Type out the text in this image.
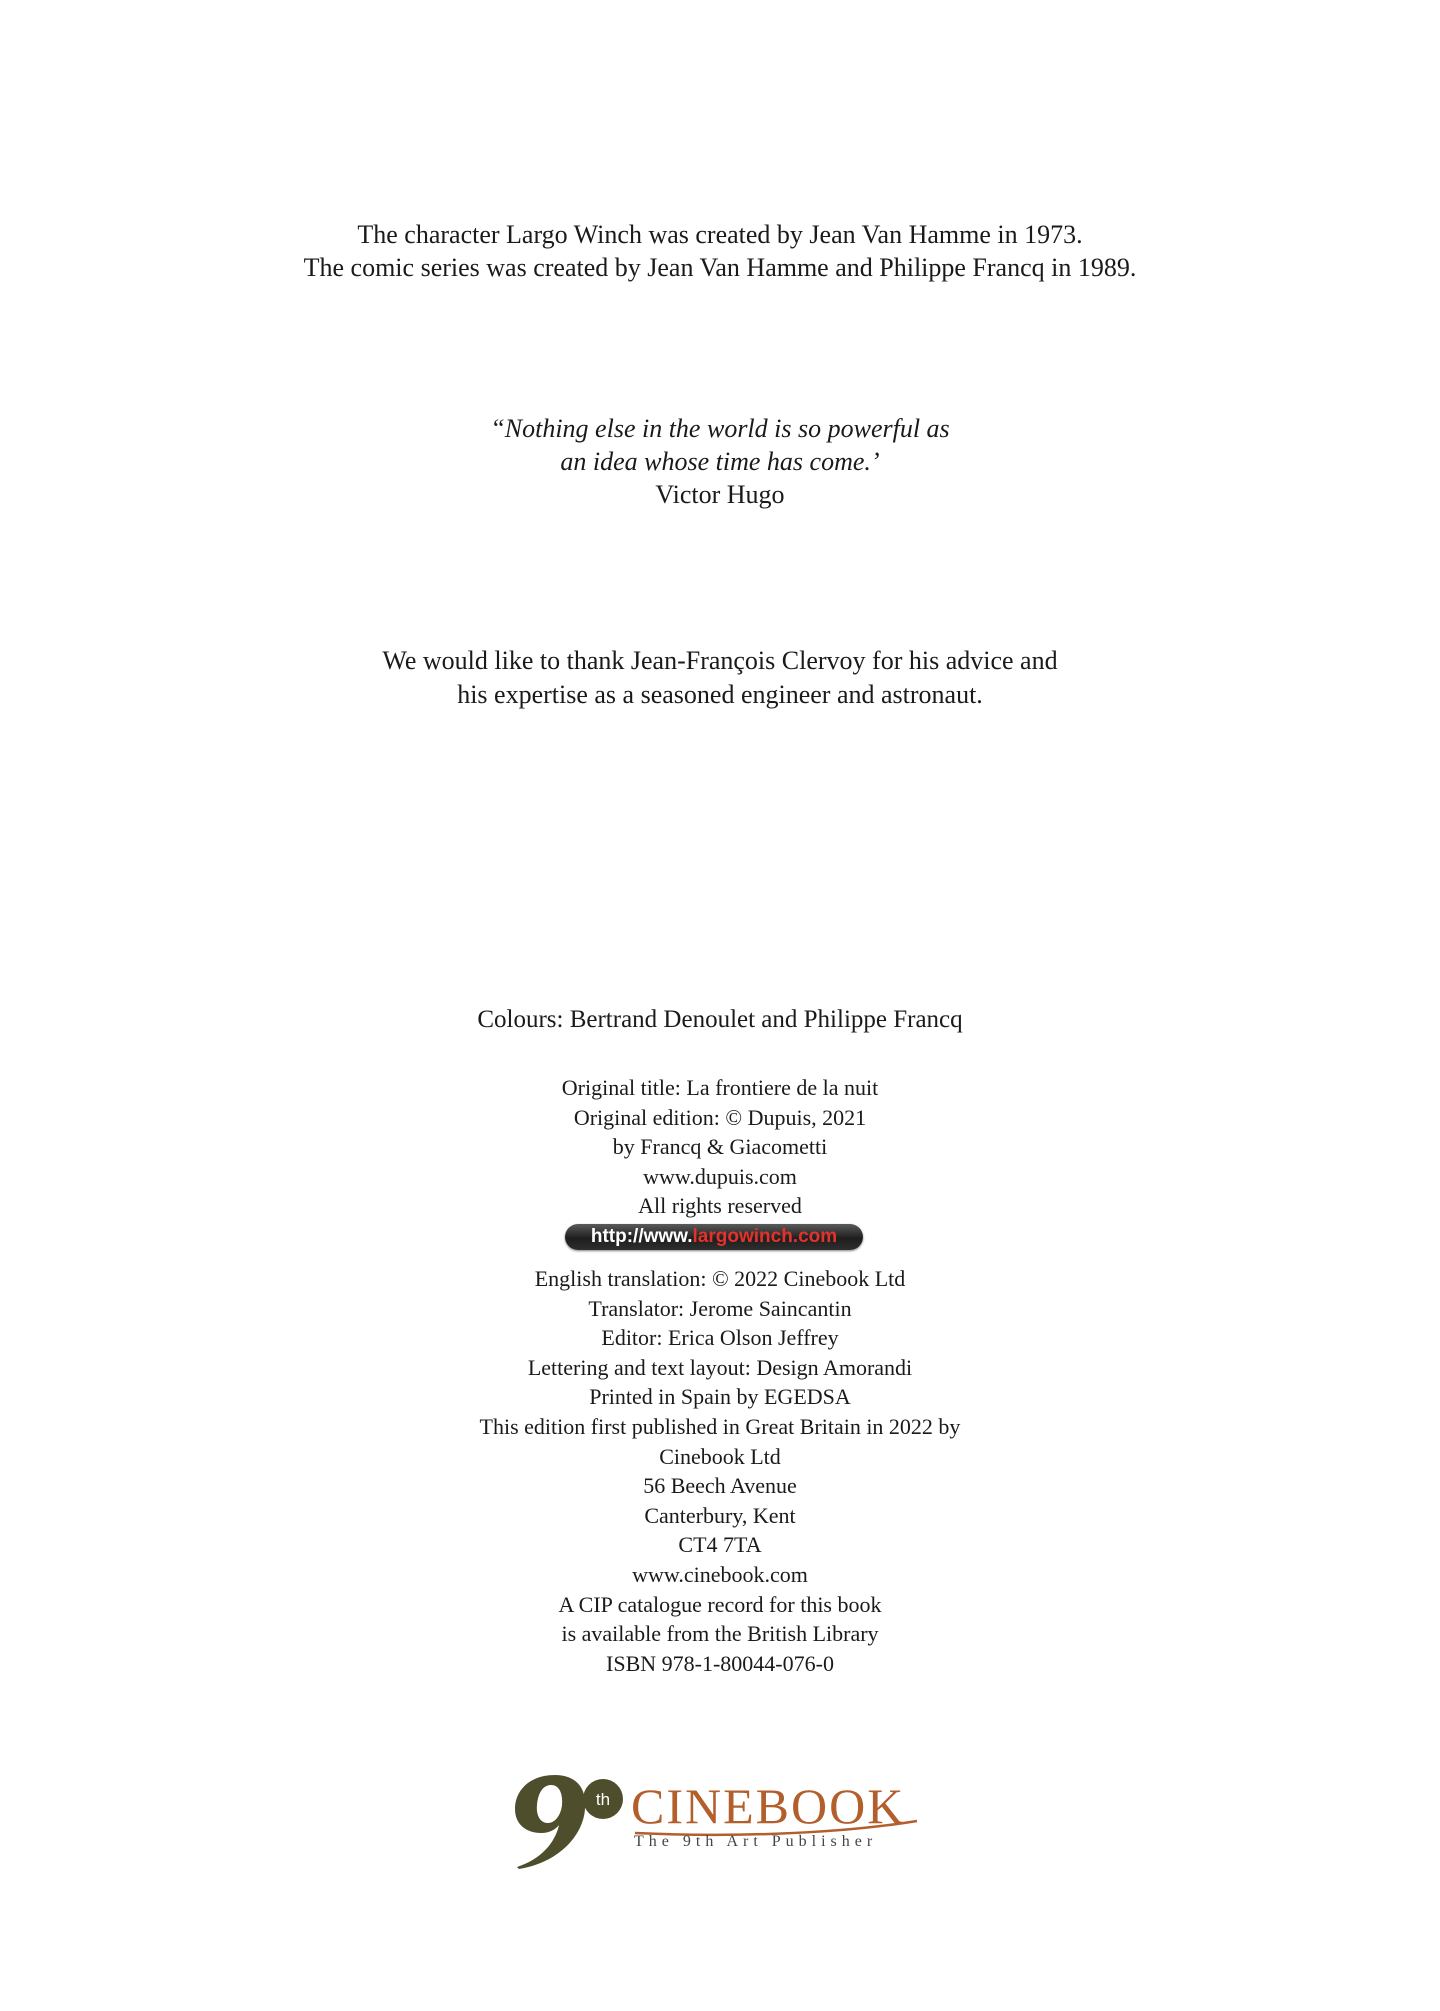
The character Largo Winch was created by Jean Van Hamme in 1973.
The comic series was created by Jean Van Hamme and Philippe Francq in 1989.
“Nothing else in the world is so powerful as
an idea whose time has come.’
Victor Hugo
We would like to thank Jean-François Clervoy for his advice and
his expertise as a seasoned engineer and astronaut.
Colours: Bertrand Denoulet and Philippe Francq
Original title: La frontiere de la nuit
Original edition: © Dupuis, 2021
by Francq & Giacometti
www.dupuis.com
All rights reserved
http://www.largowinch.com
English translation: © 2022 Cinebook Ltd
Translator: Jerome Saincantin
Editor: Erica Olson Jeffrey
Lettering and text layout: Design Amorandi
Printed in Spain by EGEDSA
This edition first published in Great Britain in 2022 by
Cinebook Ltd
56 Beech Avenue
Canterbury, Kent
CT4 7TA
www.cinebook.com
A CIP catalogue record for this book
is available from the British Library
ISBN 978-1-80044-076-0
th CINEBOOK
The 9th Art Publisher
